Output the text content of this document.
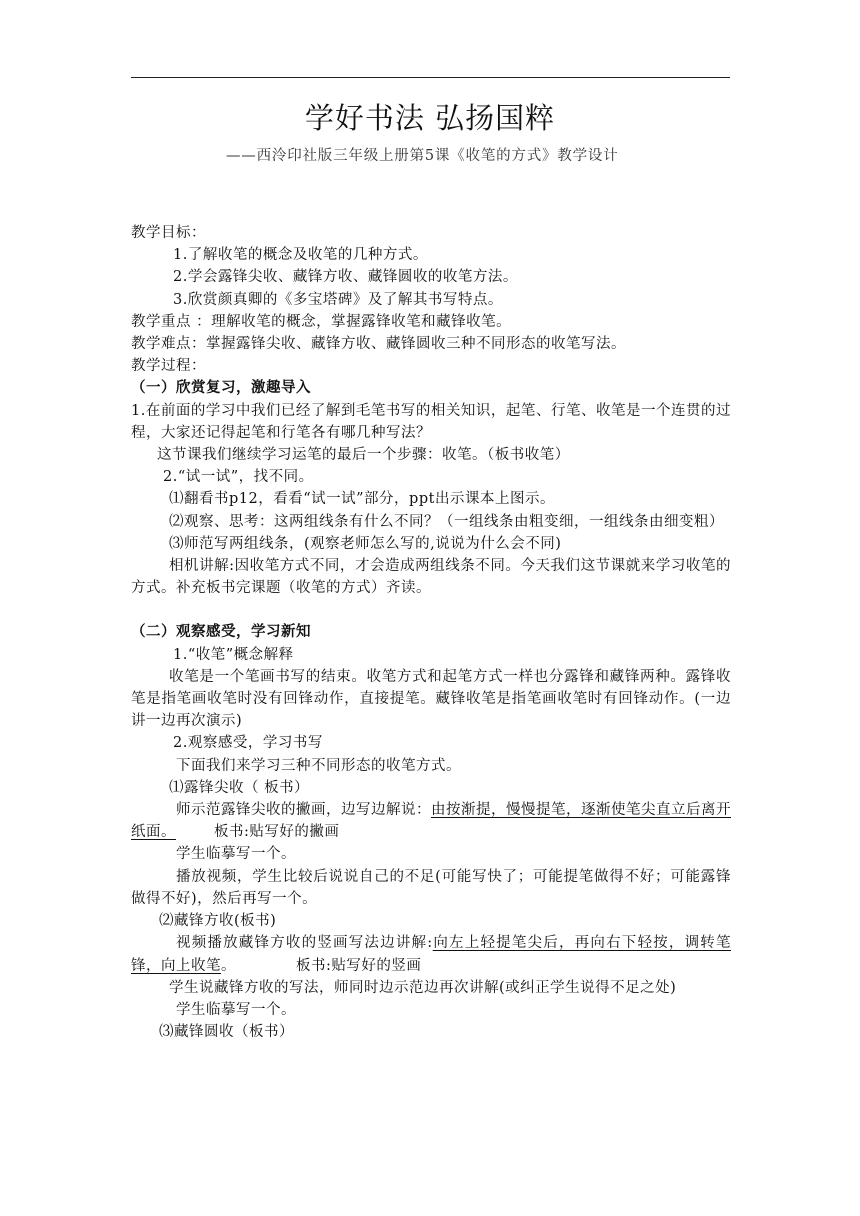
学好书法 弘扬国粹
——西泠印社版三年级上册第5课《收笔的方式》教学设计

教学目标：

1.了解收笔的概念及收笔的几种方式。

2.学会露锋尖收、藏锋方收、藏锋圆收的收笔方法。

3.欣赏颜真卿的《多宝塔碑》及了解其书写特点。

教学重点 ：理解收笔的概念，掌握露锋收笔和藏锋收笔。

教学难点：掌握露锋尖收、藏锋方收、藏锋圆收三种不同形态的收笔写法。

教学过程：

（一）欣赏复习，激趣导入

1.在前面的学习中我们已经了解到毛笔书写的相关知识，起笔、行笔、收笔是一个连贯的过程，大家还记得起笔和行笔各有哪几种写法？

这节课我们继续学习运笔的最后一个步骤：收笔。（板书收笔）

2.“试一试”，找不同。

⑴翻看书p12，看看“试一试”部分，ppt出示课本上图示。

⑵观察、思考：这两组线条有什么不同？（一组线条由粗变细，一组线条由细变粗）

⑶师范写两组线条，(观察老师怎么写的,说说为什么会不同)

相机讲解:因收笔方式不同，才会造成两组线条不同。今天我们这节课就来学习收笔的方式。补充板书完课题（收笔的方式）齐读。

（二）观察感受，学习新知

1.“收笔”概念解释

收笔是一个笔画书写的结束。收笔方式和起笔方式一样也分露锋和藏锋两种。露锋收笔是指笔画收笔时没有回锋动作，直接提笔。藏锋收笔是指笔画收笔时有回锋动作。(一边讲一边再次演示)

2.观察感受，学习书写

下面我们来学习三种不同形态的收笔方式。

⑴露锋尖收（ 板书）

师示范露锋尖收的撇画，边写边解说：由按渐提，慢慢提笔，逐渐使笔尖直立后离开纸面。	板书:贴写好的撇画

学生临摹写一个。

播放视频，学生比较后说说自己的不足(可能写快了；可能提笔做得不好；可能露锋做得不好)，然后再写一个。

⑵藏锋方收(板书)

视频播放藏锋方收的竖画写法边讲解:向左上轻提笔尖后，再向右下轻按，调转笔锋，向上收笔。	板书:贴写好的竖画

学生说藏锋方收的写法，师同时边示范边再次讲解(或纠正学生说得不足之处)

学生临摹写一个。

⑶藏锋圆收（板书）
